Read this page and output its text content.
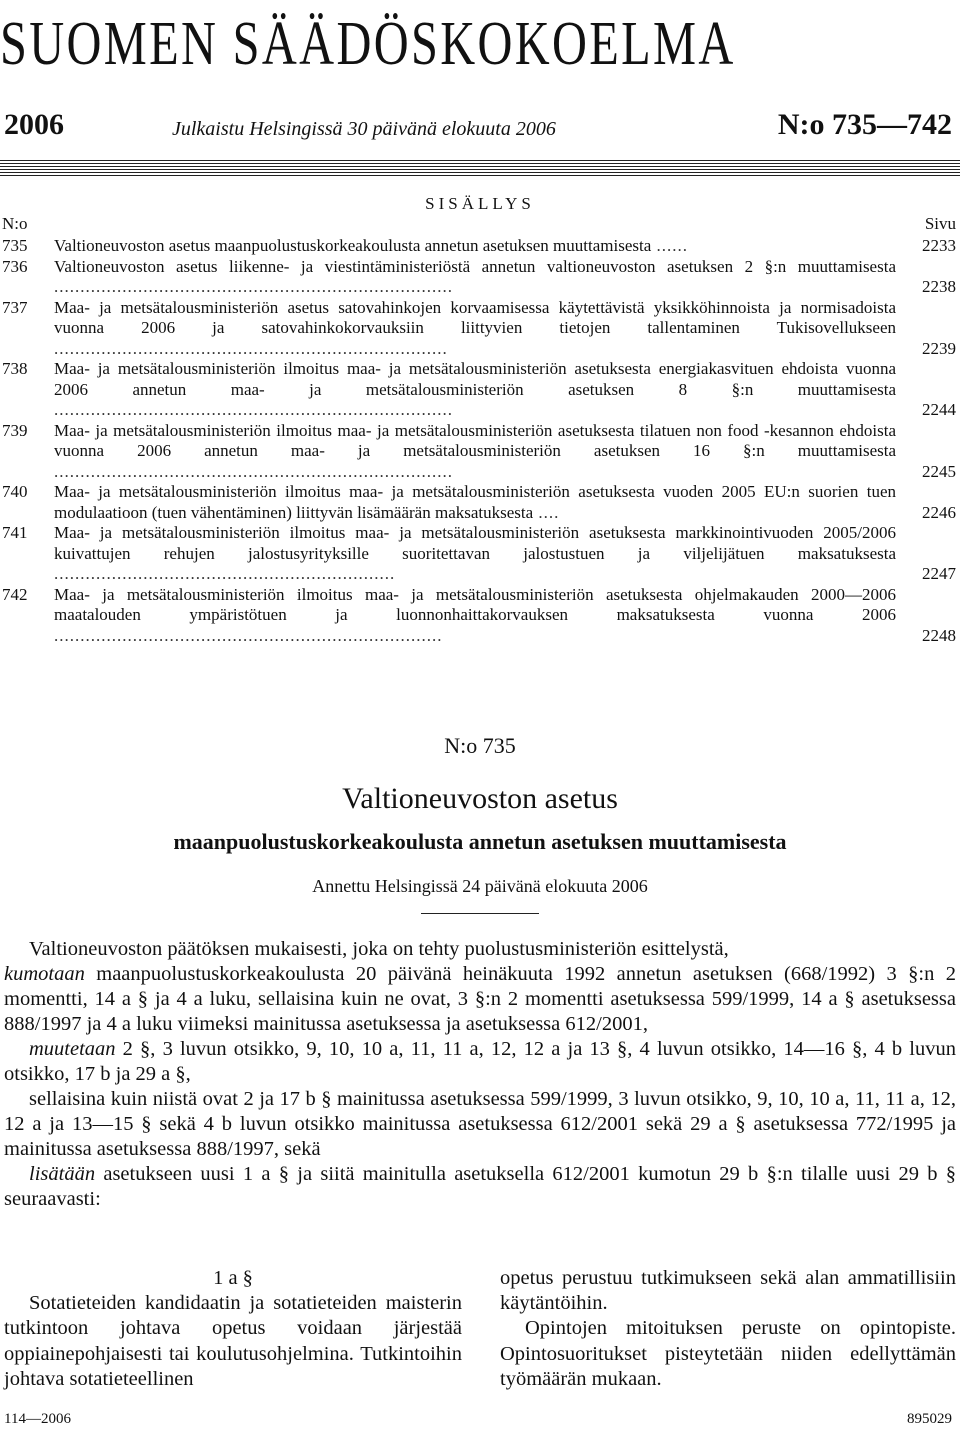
SUOMEN SÄÄDÖSKOKOELMA
2006	Julkaistu Helsingissä 30 päivänä elokuuta 2006	N:o 735—742
SISÄLLYS
N:o	Sivu
735 Valtioneuvoston asetus maanpuolustuskorkeakoulusta annetun asetuksen muuttamisesta ......	2233
736 Valtioneuvoston asetus liikenne- ja viestintäministeriöstä annetun valtioneuvoston asetuksen 2 §:n muuttamisesta ............................................................................	2238
737 Maa- ja metsätalousministeriön asetus satovahinkojen korvaamisessa käytettävistä yksikköhinnoista ja normisadoista vuonna 2006 ja satovahinkokorvauksiin liittyvien tietojen tallentaminen Tukisovellukseen ...........................................................................	2239
738 Maa- ja metsätalousministeriön ilmoitus maa- ja metsätalousministeriön asetuksesta energiakasvituen ehdoista vuonna 2006 annetun maa- ja metsätalousministeriön asetuksen 8 §:n muuttamisesta ............................................................................	2244
739 Maa- ja metsätalousministeriön ilmoitus maa- ja metsätalousministeriön asetuksesta tilatuen non food -kesannon ehdoista vuonna 2006 annetun maa- ja metsätalousministeriön asetuksen 16 §:n muuttamisesta ............................................................................	2245
740 Maa- ja metsätalousministeriön ilmoitus maa- ja metsätalousministeriön asetuksesta vuoden 2005 EU:n suorien tuen modulaatioon (tuen vähentäminen) liittyvän lisämäärän maksatuksesta ....	2246
741 Maa- ja metsätalousministeriön ilmoitus maa- ja metsätalousministeriön asetuksesta markkinointivuoden 2005/2006 kuivattujen rehujen jalostusyrityksille suoritettavan jalostustuen ja viljelijätuen maksatuksesta .................................................................	2247
742 Maa- ja metsätalousministeriön ilmoitus maa- ja metsätalousministeriön asetuksesta ohjelmakauden 2000—2006 maatalouden ympäristötuen ja luonnonhaittakorvauksen maksatuksesta vuonna 2006 ..........................................................................	2248
N:o 735
Valtioneuvoston asetus
maanpuolustuskorkeakoulusta annetun asetuksen muuttamisesta
Annettu Helsingissä 24 päivänä elokuuta 2006

Valtioneuvoston päätöksen mukaisesti, joka on tehty puolustusministeriön esittelystä,

kumotaan maanpuolustuskorkeakoulusta 20 päivänä heinäkuuta 1992 annetun asetuksen (668/1992) 3 §:n 2 momentti, 14 a § ja 4 a luku, sellaisina kuin ne ovat, 3 §:n 2 momentti asetuksessa 599/1999, 14 a § asetuksessa 888/1997 ja 4 a luku viimeksi mainitussa asetuksessa ja asetuksessa 612/2001,

muutetaan 2 §, 3 luvun otsikko, 9, 10, 10 a, 11, 11 a, 12, 12 a ja 13 §, 4 luvun otsikko, 14—16 §, 4 b luvun otsikko, 17 b ja 29 a §,

sellaisina kuin niistä ovat 2 ja 17 b § mainitussa asetuksessa 599/1999, 3 luvun otsikko, 9, 10, 10 a, 11, 11 a, 12, 12 a ja 13—15 § sekä 4 b luvun otsikko mainitussa asetuksessa 612/2001 sekä 29 a § asetuksessa 772/1995 ja mainitussa asetuksessa 888/1997, sekä

lisätään asetukseen uusi 1 a § ja siitä mainitulla asetuksella 612/2001 kumotun 29 b §:n tilalle uusi 29 b § seuraavasti:

1 a §

Sotatieteiden kandidaatin ja sotatieteiden maisterin tutkintoon johtava opetus voidaan järjestää oppiainepohjaisesti tai koulutusohjelmina. Tutkintoihin johtava sotatieteellinen

opetus perustuu tutkimukseen sekä alan ammatillisiin käytäntöihin.

Opintojen mitoituksen peruste on opintopiste. Opintosuoritukset pisteytetään niiden edellyttämän työmäärän mukaan.

114—2006	895029
